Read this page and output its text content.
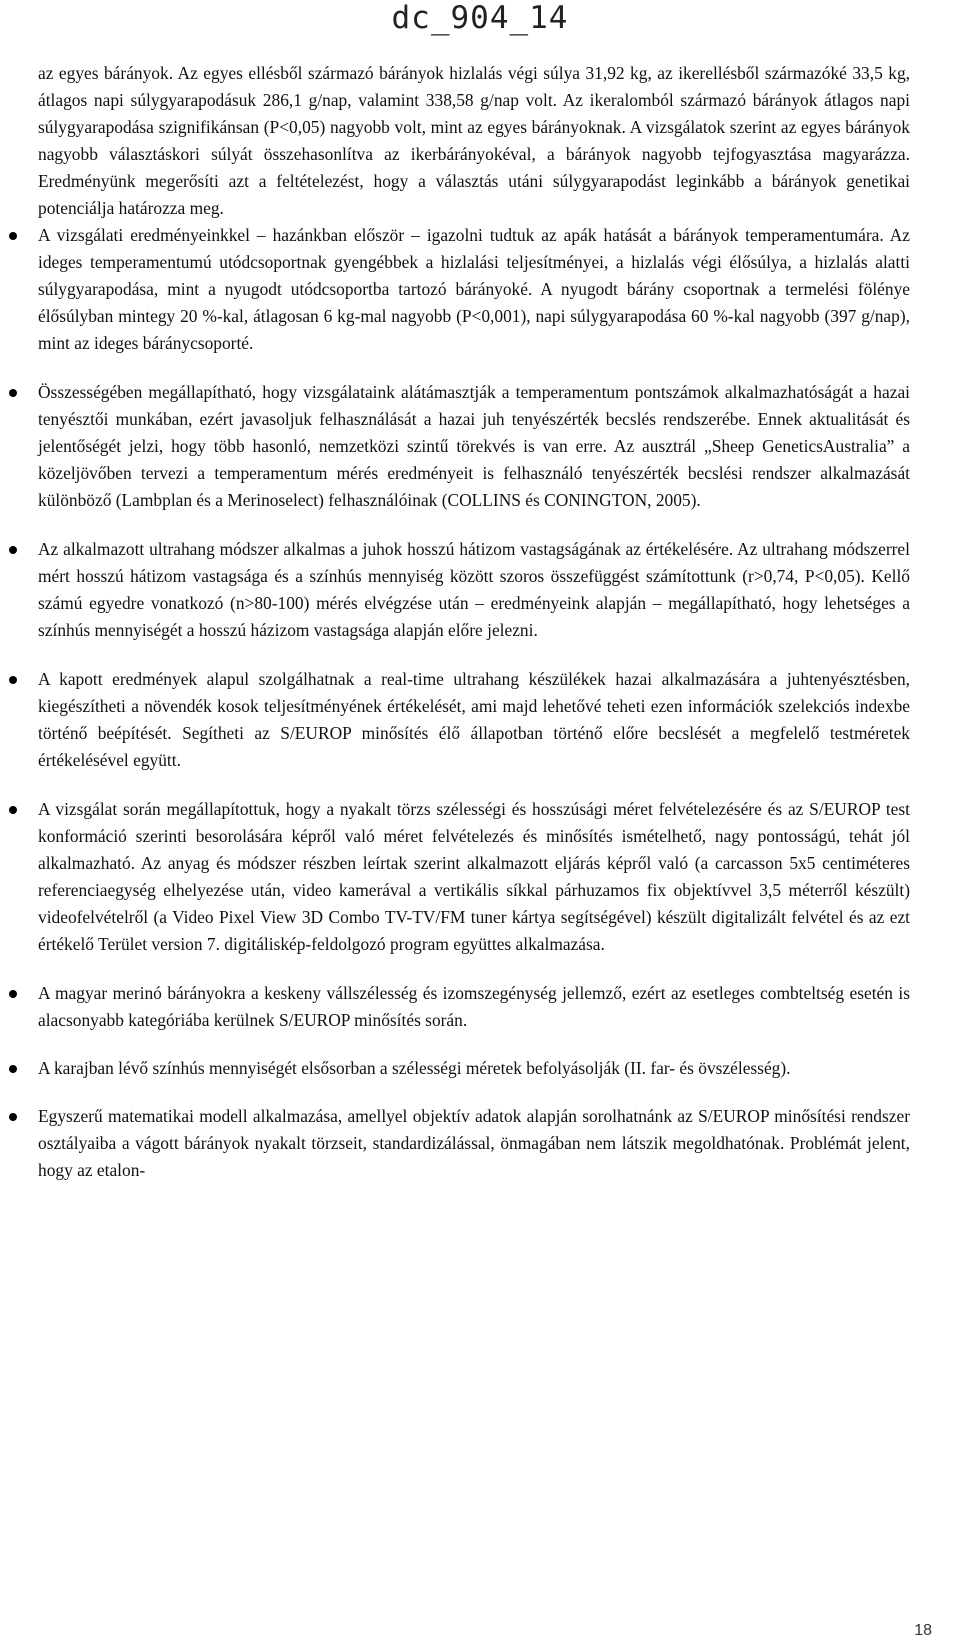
dc_904_14

az egyes bárányok. Az egyes ellésből származó bárányok hizlalás végi súlya 31,92 kg, az ikerellésből származóké 33,5 kg, átlagos napi súlygyarapodásuk 286,1 g/nap, valamint 338,58 g/nap volt. Az ikeralomból származó bárányok átlagos napi súlygyarapodása szignifikánsan (P<0,05) nagyobb volt, mint az egyes bárányoknak. A vizsgálatok szerint az egyes bárányok nagyobb választáskori súlyát összehasonlítva az ikerbárányokéval, a bárányok nagyobb tejfogyasztása magyarázza. Eredményünk megerősíti azt a feltételezést, hogy a választás utáni súlygyarapodást leginkább a bárányok genetikai potenciálja határozza meg.

A vizsgálati eredményeinkkel – hazánkban először – igazolni tudtuk az apák hatását a bárányok temperamentumára. Az ideges temperamentumú utódcsoportnak gyengébbek a hizlalási teljesítményei, a hizlalás végi élősúlya, a hizlalás alatti súlygyarapodása, mint a nyugodt utódcsoportba tartozó bárányoké. A nyugodt bárány csoportnak a termelési fölénye élősúlyban mintegy 20 %-kal, átlagosan 6 kg-mal nagyobb (P<0,001), napi súlygyarapodása 60 %-kal nagyobb (397 g/nap), mint az ideges báránycsoporté.

Összességében megállapítható, hogy vizsgálataink alátámasztják a temperamentum pontszámok alkalmazhatóságát a hazai tenyésztői munkában, ezért javasoljuk felhasználását a hazai juh tenyészérték becslés rendszerébe. Ennek aktualitását és jelentőségét jelzi, hogy több hasonló, nemzetközi szintű törekvés is van erre. Az ausztrál „Sheep GeneticsAustralia” a közeljövőben tervezi a temperamentum mérés eredményeit is felhasználó tenyészérték becslési rendszer alkalmazását különböző (Lambplan és a Merinoselect) felhasználóinak (COLLINS és CONINGTON, 2005).

Az alkalmazott ultrahang módszer alkalmas a juhok hosszú hátizom vastagságának az értékelésére. Az ultrahang módszerrel mért hosszú hátizom vastagsága és a színhús mennyiség között szoros összefüggést számítottunk (r>0,74, P<0,05). Kellő számú egyedre vonatkozó (n>80-100) mérés elvégzése után – eredményeink alapján – megállapítható, hogy lehetséges a színhús mennyiségét a hosszú házizom vastagsága alapján előre jelezni.

A kapott eredmények alapul szolgálhatnak a real-time ultrahang készülékek hazai alkalmazására a juhtenyésztésben, kiegészítheti a növendék kosok teljesítményének értékelését, ami majd lehetővé teheti ezen információk szelekciós indexbe történő beépítését. Segítheti az S/EUROP minősítés élő állapotban történő előre becslését a megfelelő testméretek értékelésével együtt.

A vizsgálat során megállapítottuk, hogy a nyakalt törzs szélességi és hosszúsági méret felvételezésére és az S/EUROP test konformáció szerinti besorolására képről való méret felvételezés és minősítés ismételhető, nagy pontosságú, tehát jól alkalmazható. Az anyag és módszer részben leírtak szerint alkalmazott eljárás képről való (a carcasson 5x5 centiméteres referenciaegység elhelyezése után, video kamerával a vertikális síkkal párhuzamos fix objektívvel 3,5 méterről készült) videofelvételről (a Video Pixel View 3D Combo TV-TV/FM tuner kártya segítségével) készült digitalizált felvétel és az ezt értékelő Terület version 7. digitáliskép-feldolgozó program együttes alkalmazása.

A magyar merinó bárányokra a keskeny vállszélesség és izomszegénység jellemző, ezért az esetleges combteltség esetén is alacsonyabb kategóriába kerülnek S/EUROP minősítés során.

A karajban lévő színhús mennyiségét elsősorban a szélességi méretek befolyásolják (II. far- és övszélesség).

Egyszerű matematikai modell alkalmazása, amellyel objektív adatok alapján sorolhatnánk az S/EUROP minősítési rendszer osztályaiba a vágott bárányok nyakalt törzseit, standardizálással, önmagában nem látszik megoldhatónak. Problémát jelent, hogy az etalon-

18
